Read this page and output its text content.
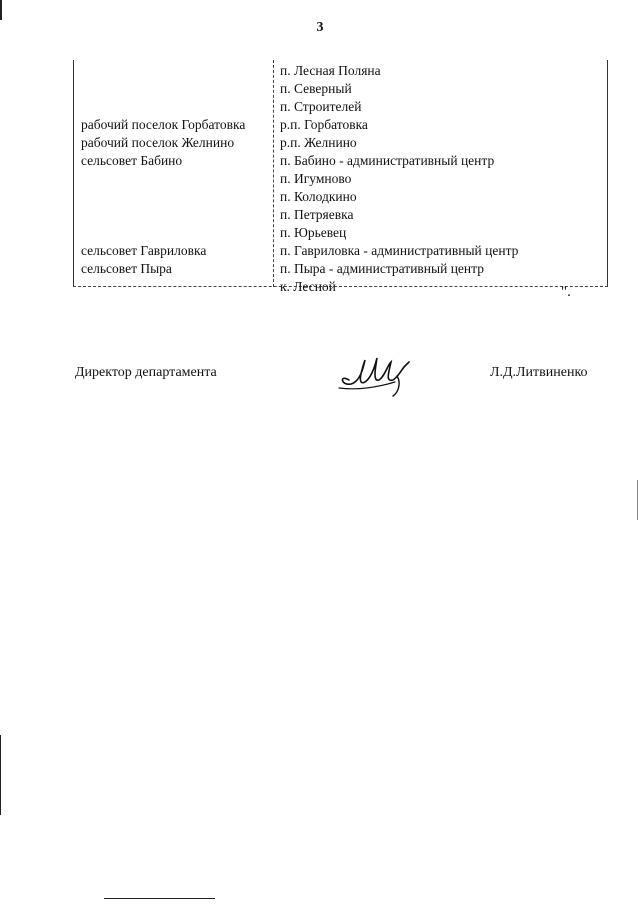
3
рабочий поселок Горбатовка
рабочий поселок Желнино
сельсовет Бабино
сельсовет Гавриловка
сельсовет Пыра
п. Лесная Поляна
п. Северный
п. Строителей
р.п. Горбатовка
р.п. Желнино
п. Бабино - административный центр
п. Игумново
п. Колодкино
п. Петряевка
п. Юрьевец
п. Гавриловка - административный центр
п. Пыра - административный центр
к. Лесной	".
Директор департамента	Л.Д.Литвиненко
